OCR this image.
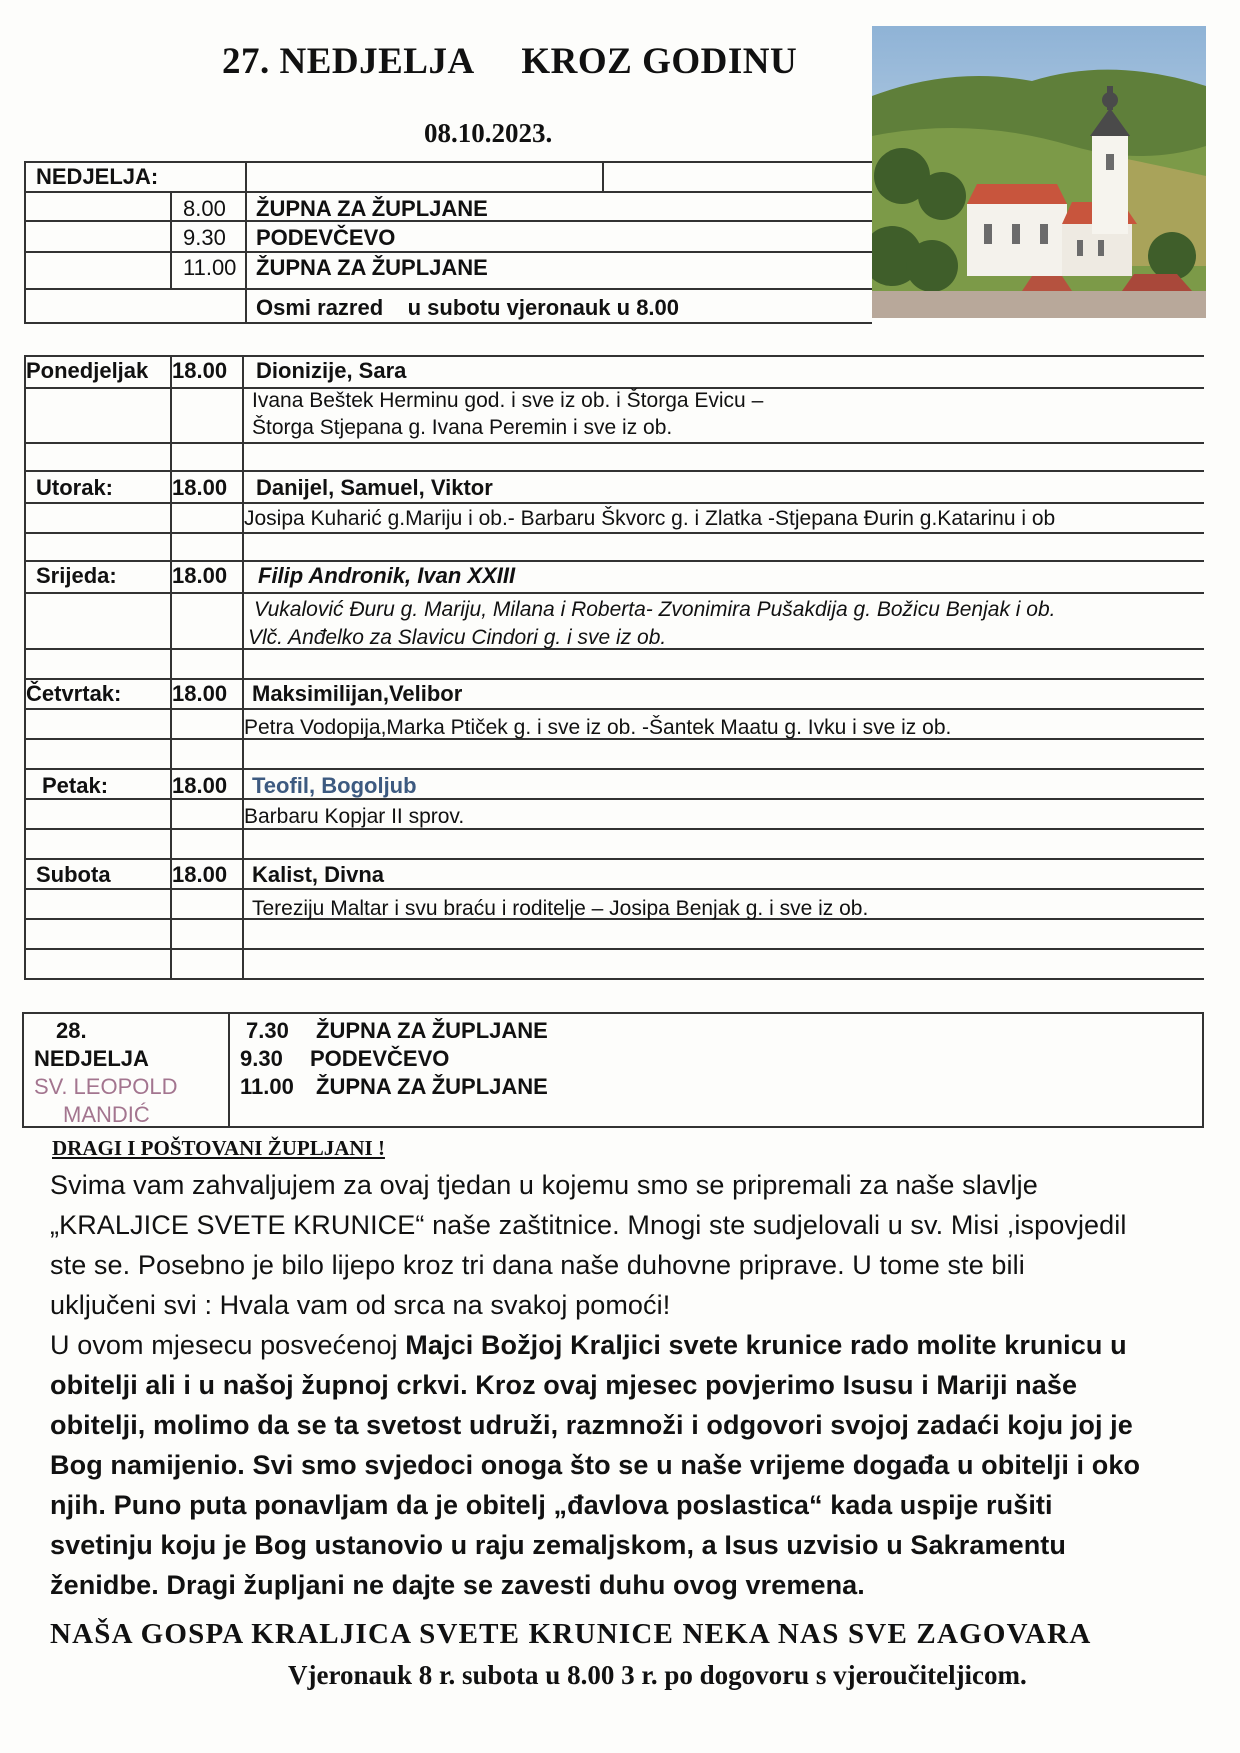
27. NEDJELJA     KROZ GODINU
08.10.2023.
NEDJELJA:
8.00 ŽUPNA ZA ŽUPLJANE
9.30 PODEVČEVO
11.00 ŽUPNA ZA ŽUPLJANE
Osmi razred    u subotu vjeronauk u 8.00
Ponedjeljak 18.00 Dionizije, Sara
Ivana Beštek Herminu god. i sve iz ob. i Štorga Evicu –
Štorga Stjepana g. Ivana Peremin i sve iz ob.
Utorak:	18.00 Danijel, Samuel, Viktor
Josipa Kuharić g.Mariju i ob.- Barbaru Škvorc g. i Zlatka -Stjepana Đurin g.Katarinu i ob
Srijeda:	18.00 Filip Andronik, Ivan XXIII
Vukalović Đuru g. Mariju, Milana i Roberta- Zvonimira Pušakdija g. Božicu Benjak i ob.
Vlč. Anđelko za Slavicu Cindori g. i sve iz ob.
Četvrtak: 18.00 Maksimilijan,Velibor
Petra Vodopija,Marka Ptiček g. i sve iz ob. -Šantek Maatu g. Ivku i sve iz ob.
Petak:	18.00 Teofil, Bogoljub
Barbaru Kopjar II sprov.
Subota	18.00 Kalist, Divna
Tereziju Maltar i svu braću i roditelje – Josipa Benjak g. i sve iz ob.
28.
NEDJELJA
SV. LEOPOLD
MANDIĆ
7.30 ŽUPNA ZA ŽUPLJANE
9.30 PODEVČEVO
11.00 ŽUPNA ZA ŽUPLJANE
DRAGI I POŠTOVANI ŽUPLJANI !
Svima vam zahvaljujem za ovaj tjedan u kojemu smo se pripremali za naše slavlje
„KRALJICE SVETE KRUNICE“ naše zaštitnice. Mnogi ste sudjelovali u sv. Misi ,ispovjedil
ste se. Posebno je bilo lijepo kroz tri dana naše duhovne priprave. U tome ste bili
uključeni svi : Hvala vam od srca na svakoj pomoći!
U ovom mjesecu posvećenoj Majci Božjoj Kraljici svete krunice rado molite krunicu u
obitelji ali i u našoj župnoj crkvi. Kroz ovaj mjesec povjerimo Isusu i Mariji naše
obitelji, molimo da se ta svetost udruži, razmnoži i odgovori svojoj zadaći koju joj je
Bog namijenio. Svi smo svjedoci onoga što se u naše vrijeme događa u obitelji i oko
njih. Puno puta ponavljam da je obitelj „đavlova poslastica“ kada uspije rušiti
svetinju koju je Bog ustanovio u raju zemaljskom, a Isus uzvisio u Sakramentu
ženidbe. Dragi župljani ne dajte se zavesti duhu ovog vremena.
NAŠA GOSPA KRALJICA SVETE KRUNICE NEKA NAS SVE ZAGOVARA
Vjeronauk 8 r. subota u 8.00 3 r. po dogovoru s vjeroučiteljicom.
